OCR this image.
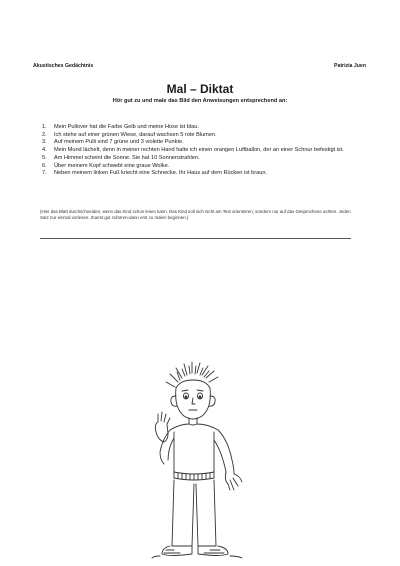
Akustisches Gedächtnis	Patrizia Juen
Mal – Diktat
Hör gut zu und male das Bild den Anweisungen entsprechend an:
1. Mein Pullover hat die Farbe Gelb und meine Hose ist blau.
2. Ich stehe auf einer grünen Wiese, darauf wachsen 5 rote Blumen.
3. Auf meinem Pulli sind 7 grüne und 3 violette Punkte.
4. Mein Mund lächelt, denn in meiner rechten Hand halte ich einen orangen Luftballon, der an einer Schnur befestigt ist.
5. Am Himmel scheint die Sonne. Sie hat 10 Sonnenstrahlen.
6. Über meinem Kopf schwebt eine graue Wolke.
7. Neben meinem linken Fuß kriecht eine Schnecke. Ihr Haus auf dem Rücken ist braun.
(Hier das Blatt durchschneiden, wenn das Kind schon lesen kann. Das Kind soll sich nicht am Text orientieren, sondern nur auf das Gesprochene achten. Jeden Satz nur einmal vorlesen. Zuerst gut zuhören-dann erst zu malen beginnen.)
